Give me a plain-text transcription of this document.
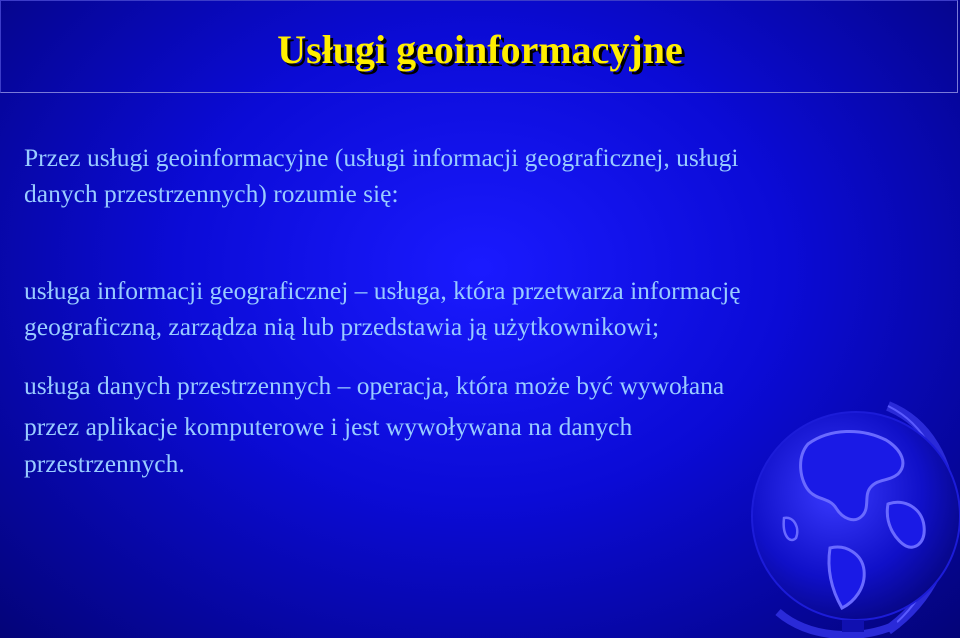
Usługi geoinformacyjne

Przez usługi geoinformacyjne (usługi informacji geograficznej, usługi

danych przestrzennych) rozumie się:

usługa informacji geograficznej – usługa, która przetwarza informację

geograficzną, zarządza nią lub przedstawia ją użytkownikowi;

usługa danych przestrzennych – operacja, która może być wywołana

przez aplikacje komputerowe i jest wywoływana na danych

przestrzennych.
